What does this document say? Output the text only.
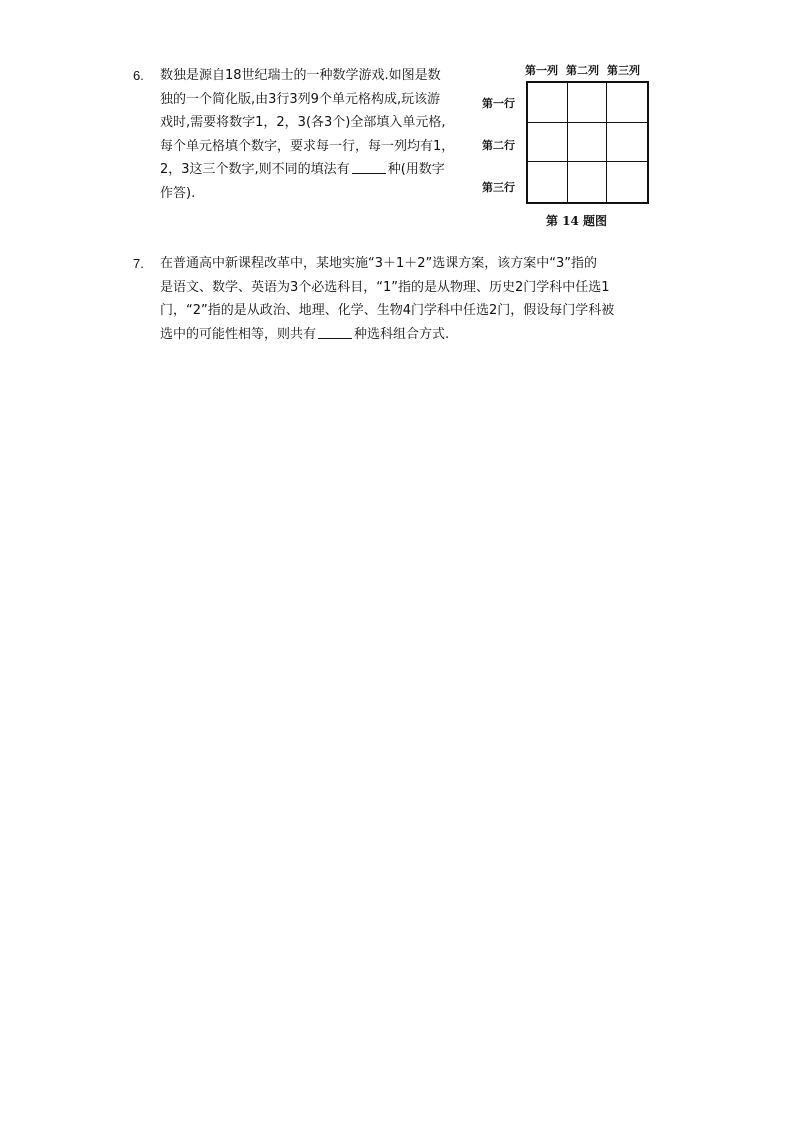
6.	数独是源自18世纪瑞士的一种数学游戏.如图是数
独的一个简化版,由3行3列9个单元格构成,玩该游
戏时,需要将数字1，2，3(各3个)全部填入单元格,
每个单元格填个数字，要求每一行，每一列均有1，
2，3这三个数字,则不同的填法有	种(用数字
作答).
第一列 第二列 第三列
第一行
第二行
第三行
第 14 题图
7.	在普通高中新课程改革中，某地实施“3＋1＋2”选课方案，该方案中“3”指的
是语文、数学、英语为3个必选科目，“1”指的是从物理、历史2门学科中任选1
门，“2”指的是从政治、地理、化学、生物4门学科中任选2门，假设每门学科被
选中的可能性相等，则共有	种选科组合方式.
